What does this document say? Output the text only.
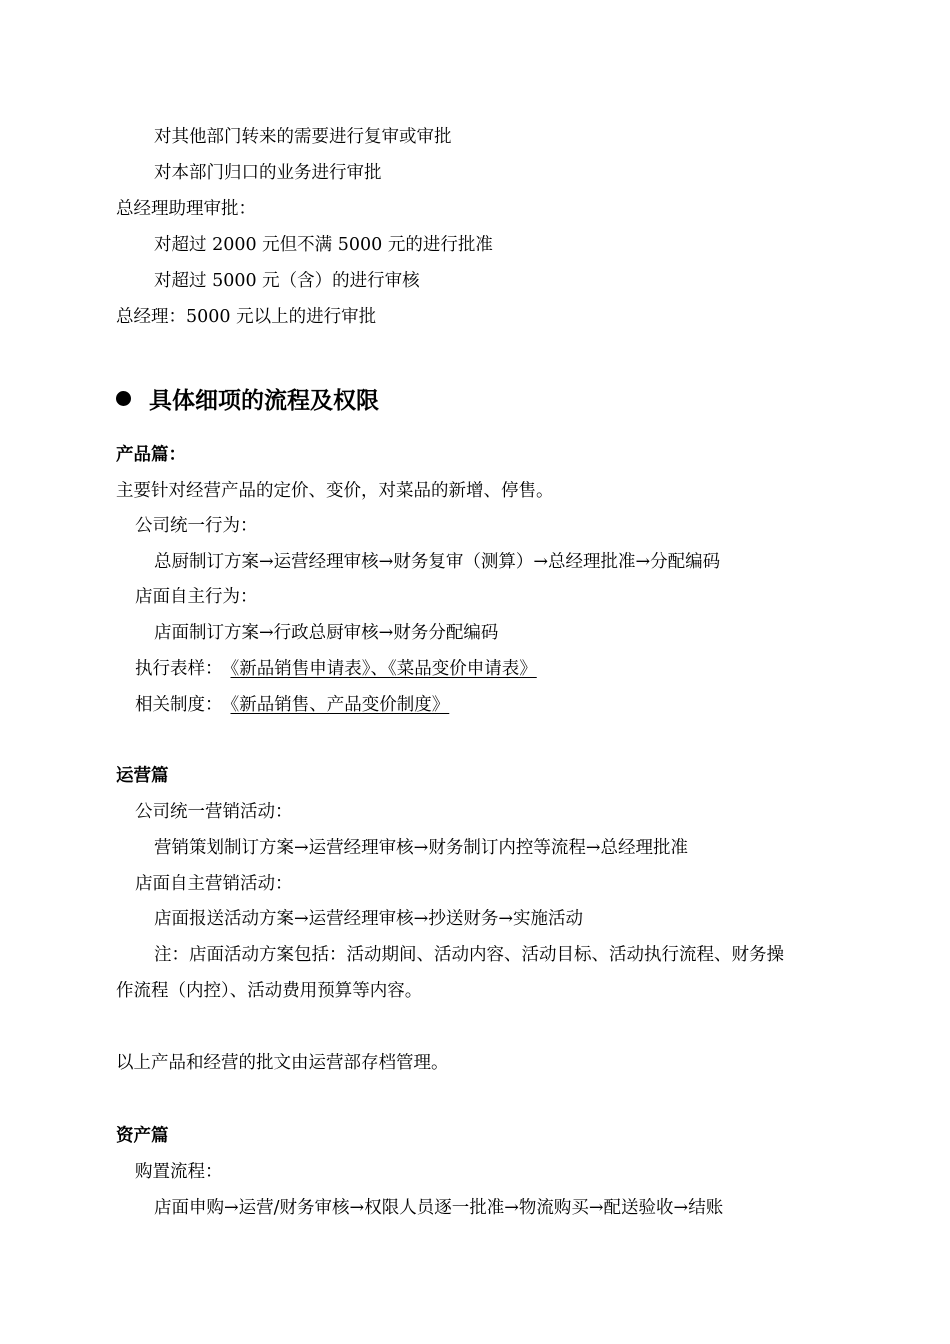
对其他部门转来的需要进行复审或审批
对本部门归口的业务进行审批
总经理助理审批：
对超过 2000 元但不满 5000 元的进行批准
对超过 5000 元（含）的进行审核
总经理：5000 元以上的进行审批
具体细项的流程及权限
产品篇：
主要针对经营产品的定价、变价，对菜品的新增、停售。
公司统一行为：
总厨制订方案→运营经理审核→财务复审（测算）→总经理批准→分配编码
店面自主行为：
店面制订方案→行政总厨审核→财务分配编码
执行表样： 《新品销售申请表》、《菜品变价申请表》
相关制度： 《新品销售、产品变价制度》
运营篇
公司统一营销活动：
营销策划制订方案→运营经理审核→财务制订内控等流程→总经理批准
店面自主营销活动：
店面报送活动方案→运营经理审核→抄送财务→实施活动
注：店面活动方案包括：活动期间、活动内容、活动目标、活动执行流程、财务操
作流程（内控）、活动费用预算等内容。
以上产品和经营的批文由运营部存档管理。
资产篇
购置流程：
店面申购→运营/财务审核→权限人员逐一批准→物流购买→配送验收→结账
